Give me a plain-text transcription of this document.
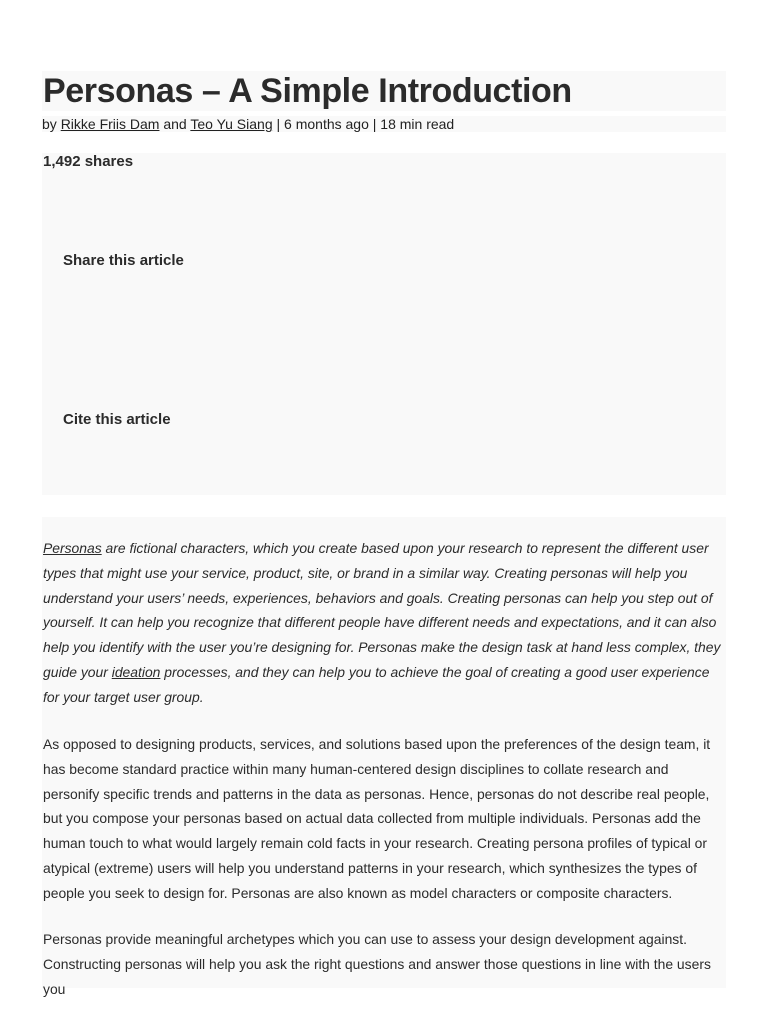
Personas – A Simple Introduction
by Rikke Friis Dam and Teo Yu Siang | 6 months ago | 18 min read
1,492 shares
Share this article
Cite this article

Personas are fictional characters, which you create based upon your research to represent the different user types that might use your service, product, site, or brand in a similar way. Creating personas will help you understand your users’ needs, experiences, behaviors and goals. Creating personas can help you step out of yourself. It can help you recognize that different people have different needs and expectations, and it can also help you identify with the user you’re designing for. Personas make the design task at hand less complex, they guide your ideation processes, and they can help you to achieve the goal of creating a good user experience for your target user group.

As opposed to designing products, services, and solutions based upon the preferences of the design team, it has become standard practice within many human-centered design disciplines to collate research and personify specific trends and patterns in the data as personas. Hence, personas do not describe real people, but you compose your personas based on actual data collected from multiple individuals. Personas add the human touch to what would largely remain cold facts in your research. Creating persona profiles of typical or atypical (extreme) users will help you understand patterns in your research, which synthesizes the types of people you seek to design for. Personas are also known as model characters or composite characters.

Personas provide meaningful archetypes which you can use to assess your design development against. Constructing personas will help you ask the right questions and answer those questions in line with the users you
